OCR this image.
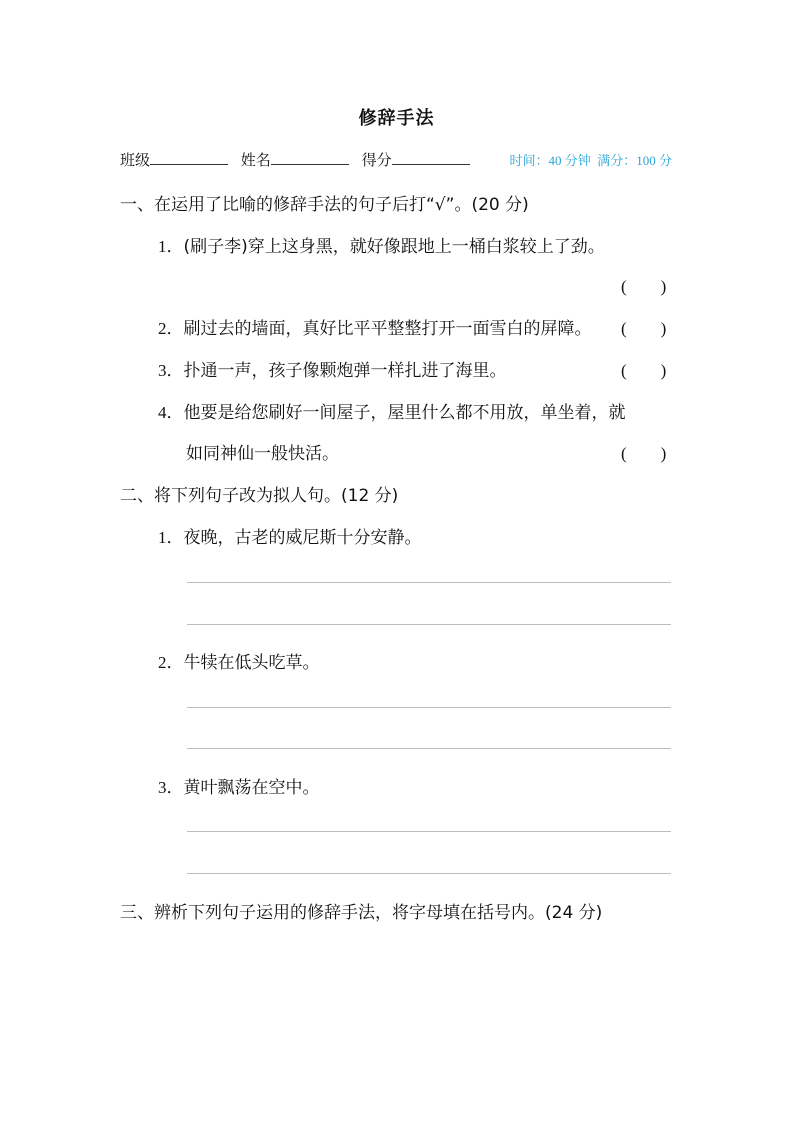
修辞手法
班级	姓名	得分	时间：40 分钟 满分：100 分
一、在运用了比喻的修辞手法的句子后打“√”。(20 分)
1．(刷子李)穿上这身黑，就好像跟地上一桶白浆较上了劲。
(　　)
2．刷过去的墙面，真好比平平整整打开一面雪白的屏障。 (　　)
3．扑通一声，孩子像颗炮弹一样扎进了海里。	(　　)
4．他要是给您刷好一间屋子，屋里什么都不用放，单坐着，就
如同神仙一般快活。	(　　)
二、将下列句子改为拟人句。(12 分)
1．夜晚，古老的威尼斯十分安静。
2．牛犊在低头吃草。
3．黄叶飘荡在空中。
三、辨析下列句子运用的修辞手法，将字母填在括号内。(24 分)
